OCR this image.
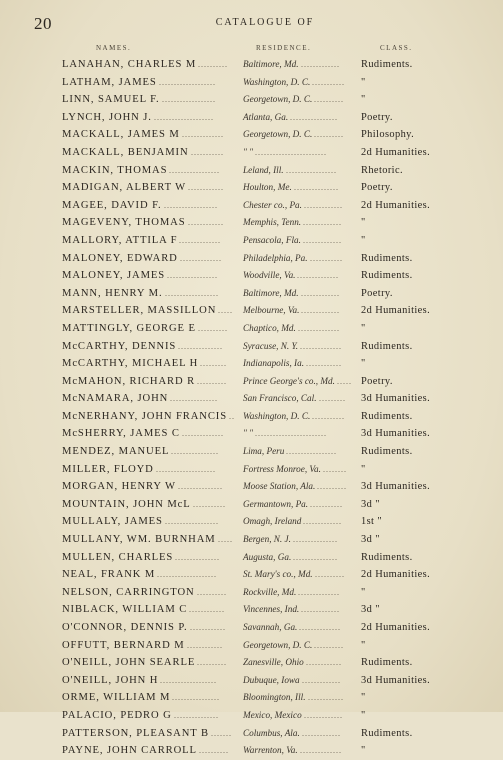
20	CATALOGUE OF
NAMES.	RESIDENCE.	CLASS.
LANAHAN, CHARLES M ..........	Baltimore, Md. .............	Rudiments.
LATHAM, JAMES ...................	Washington, D. C. ...........	"
LINN, SAMUEL F. ..................	Georgetown, D. C. ..........	"
LYNCH, JOHN J. ....................	Atlanta, Ga. ................	Poetry.
MACKALL, JAMES M ..............	Georgetown, D. C. ..........	Philosophy.
MACKALL, BENJAMIN ...........	" " ........................	2d Humanities.
MACKIN, THOMAS .................	Leland, Ill. .................	Rhetoric.
MADIGAN, ALBERT W ............	Houlton, Me. ...............	Poetry.
MAGEE, DAVID F. ..................	Chester co., Pa. .............	2d Humanities.
MAGEVENY, THOMAS ............	Memphis, Tenn. .............	"
MALLORY, ATTILA F ..............	Pensacola, Fla. .............	"
MALONEY, EDWARD ..............	Philadelphia, Pa. ...........	Rudiments.
MALONEY, JAMES .................	Woodville, Va. ..............	Rudiments.
MANN, HENRY M. ..................	Baltimore, Md. .............	Poetry.
MARSTELLER, MASSILLON .....	Melbourne, Va. .............	2d Humanities.
MATTINGLY, GEORGE E ..........	Chaptico, Md. ..............	"
McCARTHY, DENNIS ...............	Syracuse, N. Y. ..............	Rudiments.
McCARTHY, MICHAEL H .........	Indianapolis, Ia. ............	"
McMAHON, RICHARD R ..........	Prince George's co., Md. ..... Poetry.
McNAMARA, JOHN ................	San Francisco, Cal. .........	3d Humanities.
McNERHANY, JOHN FRANCIS .. Washington, D. C. ...........	Rudiments.
McSHERRY, JAMES C ..............	" " ........................	3d Humanities.
MENDEZ, MANUEL ................	Lima, Peru .................	Rudiments.
MILLER, FLOYD ....................	Fortress Monroe, Va. ........	"
MORGAN, HENRY W ...............	Moose Station, Ala. ..........	3d Humanities.
MOUNTAIN, JOHN McL ...........	Germantown, Pa. ...........	3d "
MULLALY, JAMES ..................	Omagh, Ireland .............	1st "
MULLANY, WM. BURNHAM .....	Bergen, N. J. ...............	3d "
MULLEN, CHARLES ...............	Augusta, Ga. ...............	Rudiments.
NEAL, FRANK M ....................	St. Mary's co., Md. ..........	2d Humanities.
NELSON, CARRINGTON ..........	Rockville, Md. ..............	"
NIBLACK, WILLIAM C ............	Vincennes, Ind. .............	3d "
O'CONNOR, DENNIS P. ............	Savannah, Ga. ..............	2d Humanities.
OFFUTT, BERNARD M ............	Georgetown, D. C. ..........	"
O'NEILL, JOHN SEARLE ..........	Zanesville, Ohio ............	Rudiments.
O'NEILL, JOHN H ...................	Dubuque, Iowa .............	3d Humanities.
ORME, WILLIAM M ................	Bloomington, Ill. ............	"
PALACIO, PEDRO G ...............	Mexico, Mexico .............	"
PATTERSON, PLEASANT B .......	Columbus, Ala. .............	Rudiments.
PAYNE, JOHN CARROLL ..........	Warrenton, Va. ..............	"
